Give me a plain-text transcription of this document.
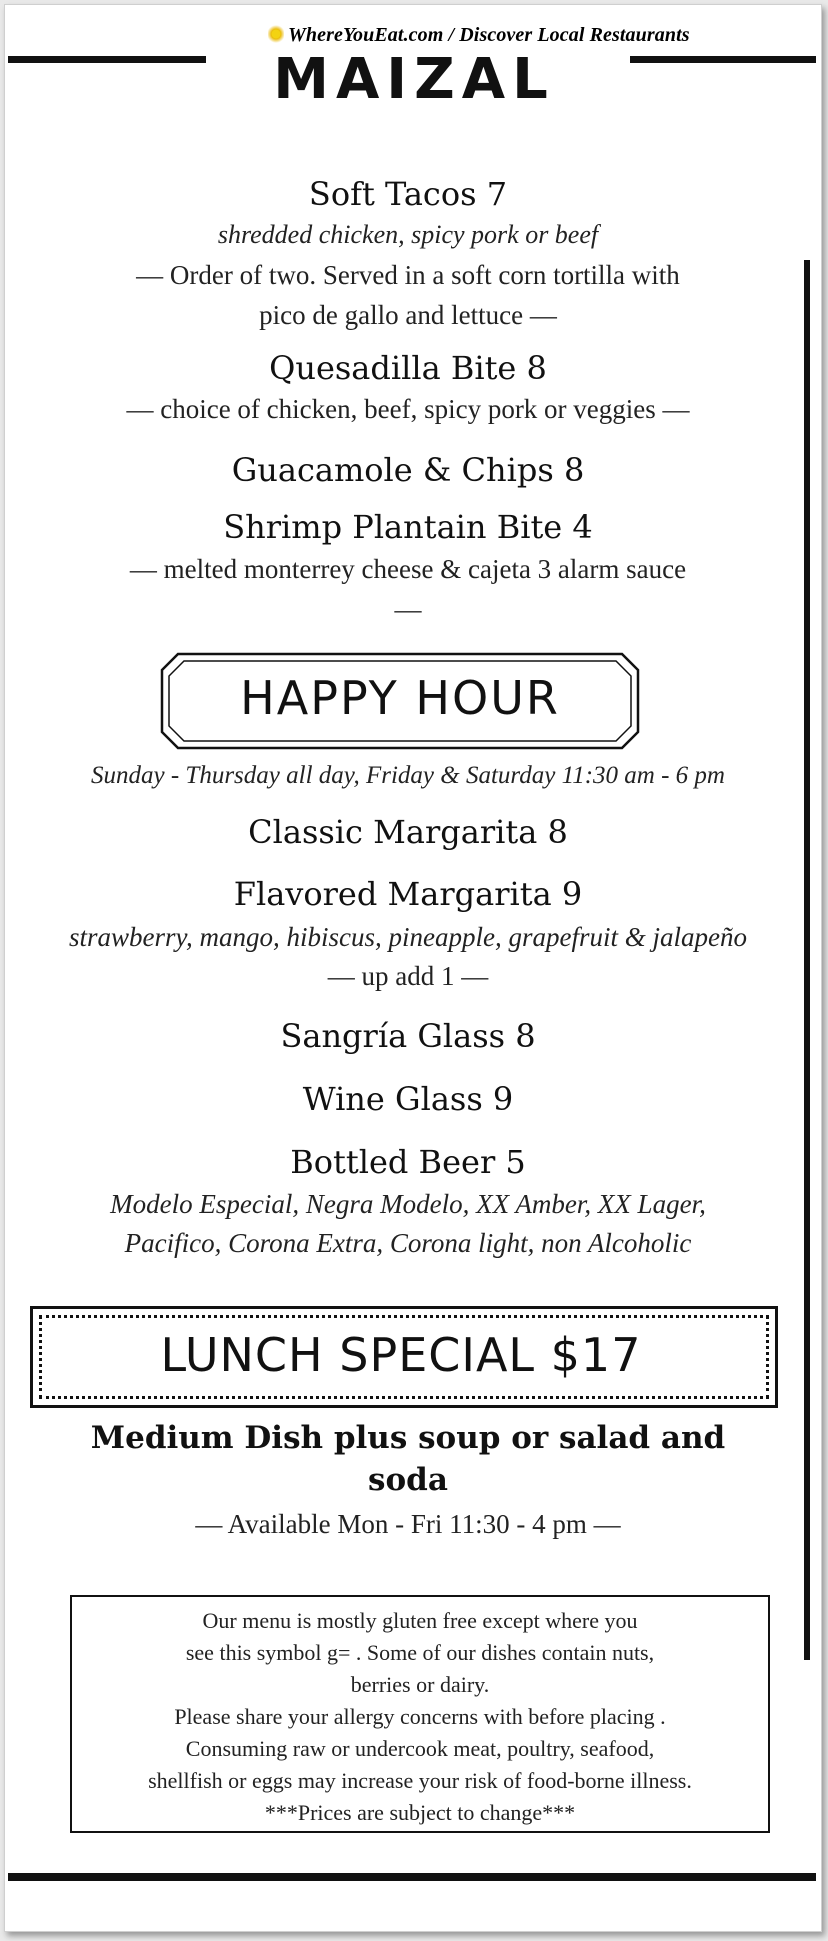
WhereYouEat.com / Discover Local Restaurants
MAIZAL
Soft Tacos 7
shredded chicken, spicy pork or beef
— Order of two. Served in a soft corn tortilla with
pico de gallo and lettuce —
Quesadilla Bite 8
— choice of chicken, beef, spicy pork or veggies —
Guacamole & Chips 8
Shrimp Plantain Bite 4
— melted monterrey cheese & cajeta 3 alarm sauce
—
HAPPY HOUR
Sunday - Thursday all day, Friday & Saturday 11:30 am - 6 pm
Classic Margarita 8
Flavored Margarita 9
strawberry, mango, hibiscus, pineapple, grapefruit & jalapeño
— up add 1 —
Sangría Glass 8
Wine Glass 9
Bottled Beer 5
Modelo Especial, Negra Modelo, XX Amber, XX Lager,
Pacifico, Corona Extra, Corona light, non Alcoholic
LUNCH SPECIAL $17
Medium Dish plus soup or salad and
soda
— Available Mon - Fri 11:30 - 4 pm —
Our menu is mostly gluten free except where you
see this symbol g= . Some of our dishes contain nuts,
berries or dairy.
Please share your allergy concerns with before placing .
Consuming raw or undercook meat, poultry, seafood,
shellfish or eggs may increase your risk of food-borne illness.
***Prices are subject to change***
